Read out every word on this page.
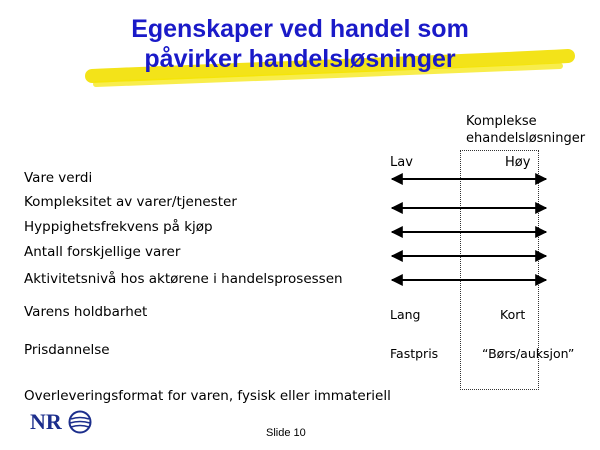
Egenskaper ved handel som
påvirker handelsløsninger
Komplekse
ehandelsløsninger
Lav	Høy
Vare verdi
Kompleksitet av varer/tjenester
Hyppighetsfrekvens på kjøp
Antall forskjellige varer
Aktivitetsnivå hos aktørene i handelsprosessen
Varens holdbarhet	Lang	Kort
Prisdannelse	Fastpris	“Børs/auksjon”
Overleveringsformat for varen, fysisk eller immateriell
NR	Slide 10
